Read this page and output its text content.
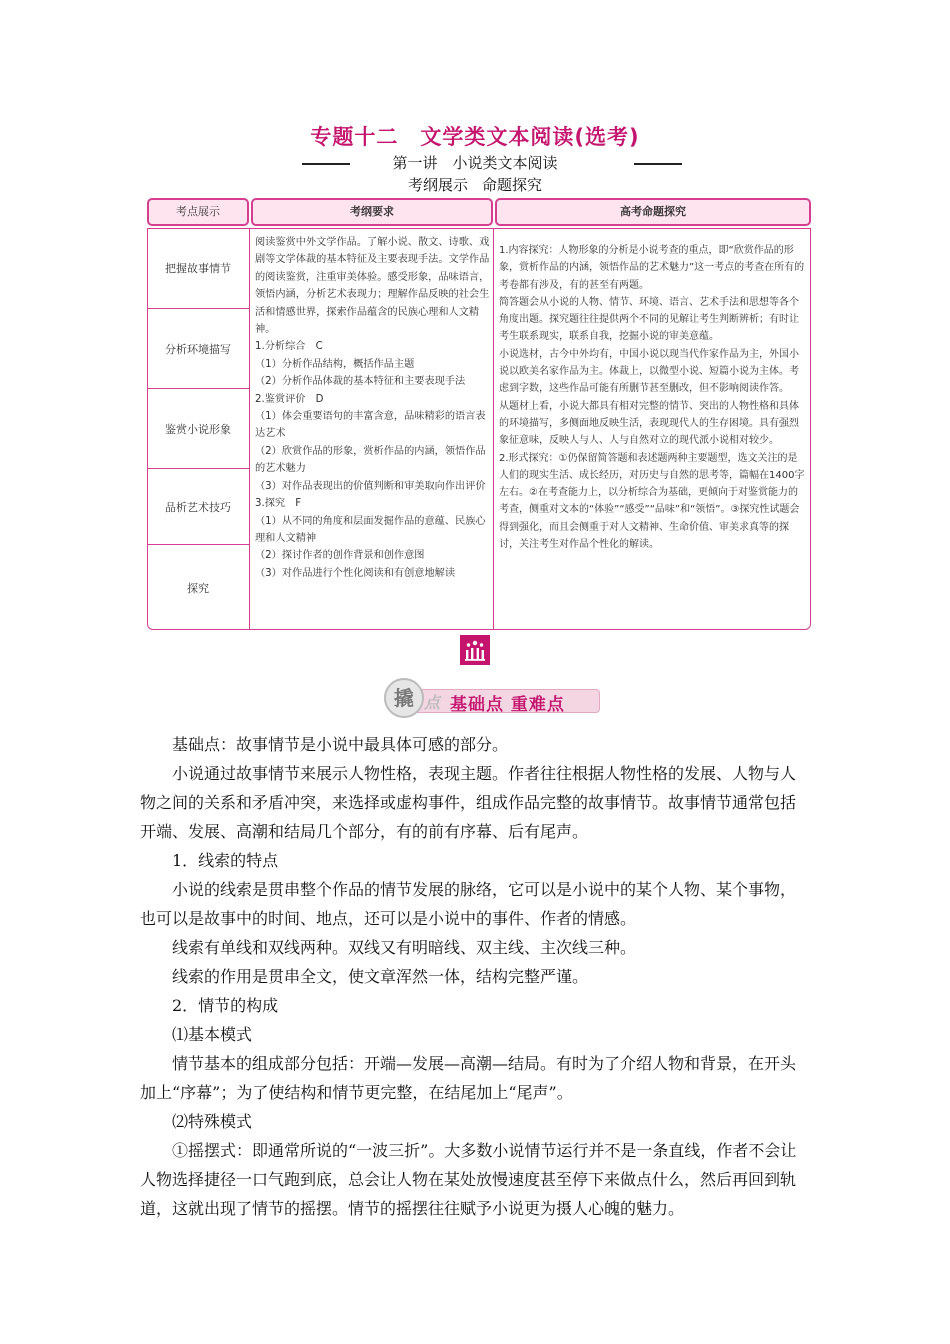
专题十二 文学类文本阅读(选考)
第一讲　小说类文本阅读
考纲展示 命题探究
考点展示	考纲要求	高考命题探究
把握故事情节
分析环境描写
鉴赏小说形象
品析艺术技巧
探究
阅读鉴赏中外文学作品。了解小说、散文、诗歌、戏剧等文学体裁的基本特征及主要表现手法。文学作品的阅读鉴赏，注重审美体验。感受形象，品味语言，领悟内涵，分析艺术表现力；理解作品反映的社会生活和情感世界，探索作品蕴含的民族心理和人文精神。
1.分析综合　C
（1）分析作品结构，概括作品主题
（2）分析作品体裁的基本特征和主要表现手法
2.鉴赏评价　D
（1）体会重要语句的丰富含意，品味精彩的语言表达艺术
（2）欣赏作品的形象，赏析作品的内涵，领悟作品的艺术魅力
（3）对作品表现出的价值判断和审美取向作出评价
3.探究　F
（1）从不同的角度和层面发掘作品的意蕴、民族心理和人文精神
（2）探讨作者的创作背景和创作意图
（3）对作品进行个性化阅读和有创意地解读
1.内容探究：人物形象的分析是小说考查的重点，即“欣赏作品的形象，赏析作品的内涵，领悟作品的艺术魅力”这一考点的考查在所有的考卷都有涉及，有的甚至有两题。
简答题会从小说的人物、情节、环境、语言、艺术手法和思想等各个角度出题。探究题往往提供两个不同的见解让考生判断辨析；有时让考生联系现实，联系自我，挖掘小说的审美意蕴。
小说选材，古今中外均有，中国小说以现当代作家作品为主，外国小说以欧美名家作品为主。体裁上，以微型小说、短篇小说为主体。考虑到字数，这些作品可能有所删节甚至删改，但不影响阅读作答。
从题材上看，小说大都具有相对完整的情节、突出的人物性格和具体的环境描写，多侧面地反映生活，表现现代人的生存困境。具有强烈象征意味，反映人与人、人与自然对立的现代派小说相对较少。
2.形式探究：①仍保留简答题和表述题两种主要题型，选文关注的是人们的现实生活、成长经历，对历史与自然的思考等，篇幅在1400字左右。②在考查能力上，以分析综合为基础，更倾向于对鉴赏能力的考查，侧重对文本的“体验”“感受”“品味”和“领悟”。③探究性试题会得到强化，而且会侧重于对人文精神、生命价值、审美求真等的探讨，关注考生对作品个性化的解读。
撬 点 基础点 重难点

基础点：故事情节是小说中最具体可感的部分。

小说通过故事情节来展示人物性格，表现主题。作者往往根据人物性格的发展、人物与人物之间的关系和矛盾冲突，来选择或虚构事件，组成作品完整的故事情节。故事情节通常包括开端、发展、高潮和结局几个部分，有的前有序幕、后有尾声。

1．线索的特点

小说的线索是贯串整个作品的情节发展的脉络，它可以是小说中的某个人物、某个事物，也可以是故事中的时间、地点，还可以是小说中的事件、作者的情感。

线索有单线和双线两种。双线又有明暗线、双主线、主次线三种。

线索的作用是贯串全文，使文章浑然一体，结构完整严谨。

2．情节的构成

⑴基本模式

情节基本的组成部分包括：开端—发展—高潮—结局。有时为了介绍人物和背景，在开头加上“序幕”；为了使结构和情节更完整，在结尾加上“尾声”。

⑵特殊模式

①摇摆式：即通常所说的“一波三折”。大多数小说情节运行并不是一条直线，作者不会让人物选择捷径一口气跑到底，总会让人物在某处放慢速度甚至停下来做点什么，然后再回到轨道，这就出现了情节的摇摆。情节的摇摆往往赋予小说更为摄人心魄的魅力。
